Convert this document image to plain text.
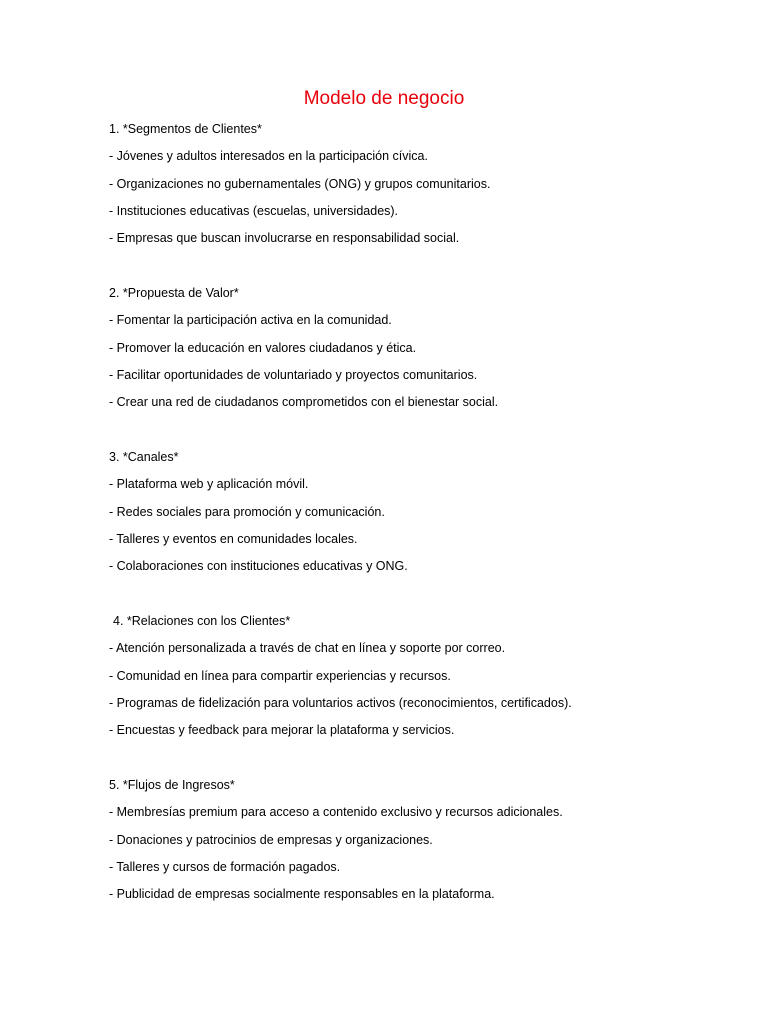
Modelo de negocio
1. *Segmentos de Clientes*
- Jóvenes y adultos interesados en la participación cívica.
- Organizaciones no gubernamentales (ONG) y grupos comunitarios.
- Instituciones educativas (escuelas, universidades).
- Empresas que buscan involucrarse en responsabilidad social.
2. *Propuesta de Valor*
- Fomentar la participación activa en la comunidad.
- Promover la educación en valores ciudadanos y ética.
- Facilitar oportunidades de voluntariado y proyectos comunitarios.
- Crear una red de ciudadanos comprometidos con el bienestar social.
3. *Canales*
- Plataforma web y aplicación móvil.
- Redes sociales para promoción y comunicación.
- Talleres y eventos en comunidades locales.
- Colaboraciones con instituciones educativas y ONG.
4. *Relaciones con los Clientes*
- Atención personalizada a través de chat en línea y soporte por correo.
- Comunidad en línea para compartir experiencias y recursos.
- Programas de fidelización para voluntarios activos (reconocimientos, certificados).
- Encuestas y feedback para mejorar la plataforma y servicios.
5. *Flujos de Ingresos*
- Membresías premium para acceso a contenido exclusivo y recursos adicionales.
- Donaciones y patrocinios de empresas y organizaciones.
- Talleres y cursos de formación pagados.
- Publicidad de empresas socialmente responsables en la plataforma.
